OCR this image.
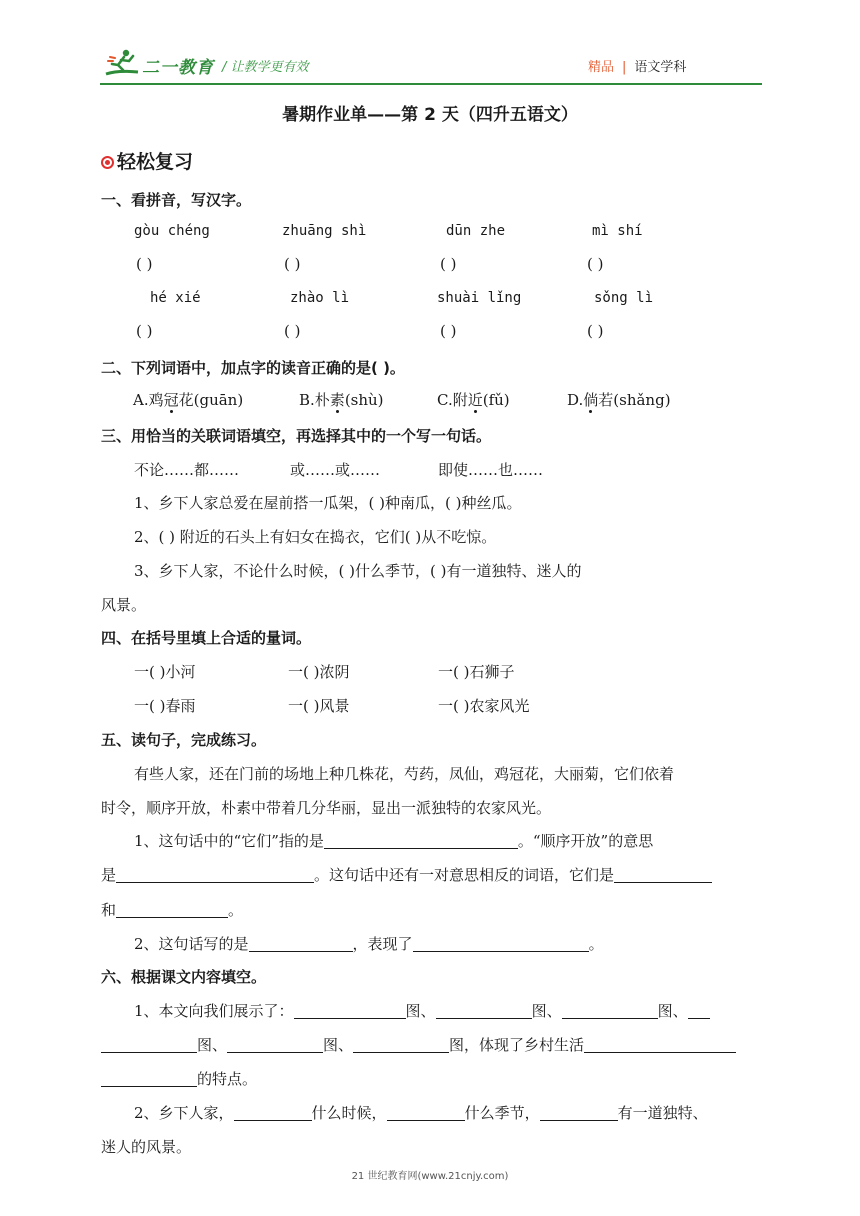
二一教育 / 让教学更有效	精品 | 语文学科
暑期作业单——第 2 天（四升五语文）
轻松复习
一、看拼音，写汉字。
gòu chéng	zhuāng shì	dūn zhe	mì shí
( )	( )	( )	( )
hé xié	zhào lì	shuài lǐng	sǒng lì
( )	( )	( )	( )
二、下列词语中，加点字的读音正确的是( )。
A.鸡冠花(guān)	B.朴素(shù)	C.附近(fǔ)	D.倘若(shǎng)
三、用恰当的关联词语填空，再选择其中的一个写一句话。
不论……都……	或……或……	即使……也……
1、乡下人家总爱在屋前搭一瓜架，( )种南瓜，( )种丝瓜。
2、( ) 附近的石头上有妇女在捣衣，它们( )从不吃惊。
3、乡下人家，不论什么时候，( )什么季节，( )有一道独特、迷人的
风景。
四、在括号里填上合适的量词。
一( )小河	一( )浓阴	一( )石狮子
一( )春雨	一( )风景	一( )农家风光
五、读句子，完成练习。
有些人家，还在门前的场地上种几株花，芍药，凤仙，鸡冠花，大丽菊，它们依着
时令，顺序开放，朴素中带着几分华丽，显出一派独特的农家风光。
1、这句话中的“它们”指的是	。“顺序开放”的意思
是	。这句话中还有一对意思相反的词语，它们是
和	。
2、这句话写的是	，表现了	。
六、根据课文内容填空。
1、本文向我们展示了：	图、	图、	图、
图、	图、	图，体现了乡村生活
的特点。
2、乡下人家，	什么时候，	什么季节，	有一道独特、
迷人的风景。
21 世纪教育网(www.21cnjy.com)
